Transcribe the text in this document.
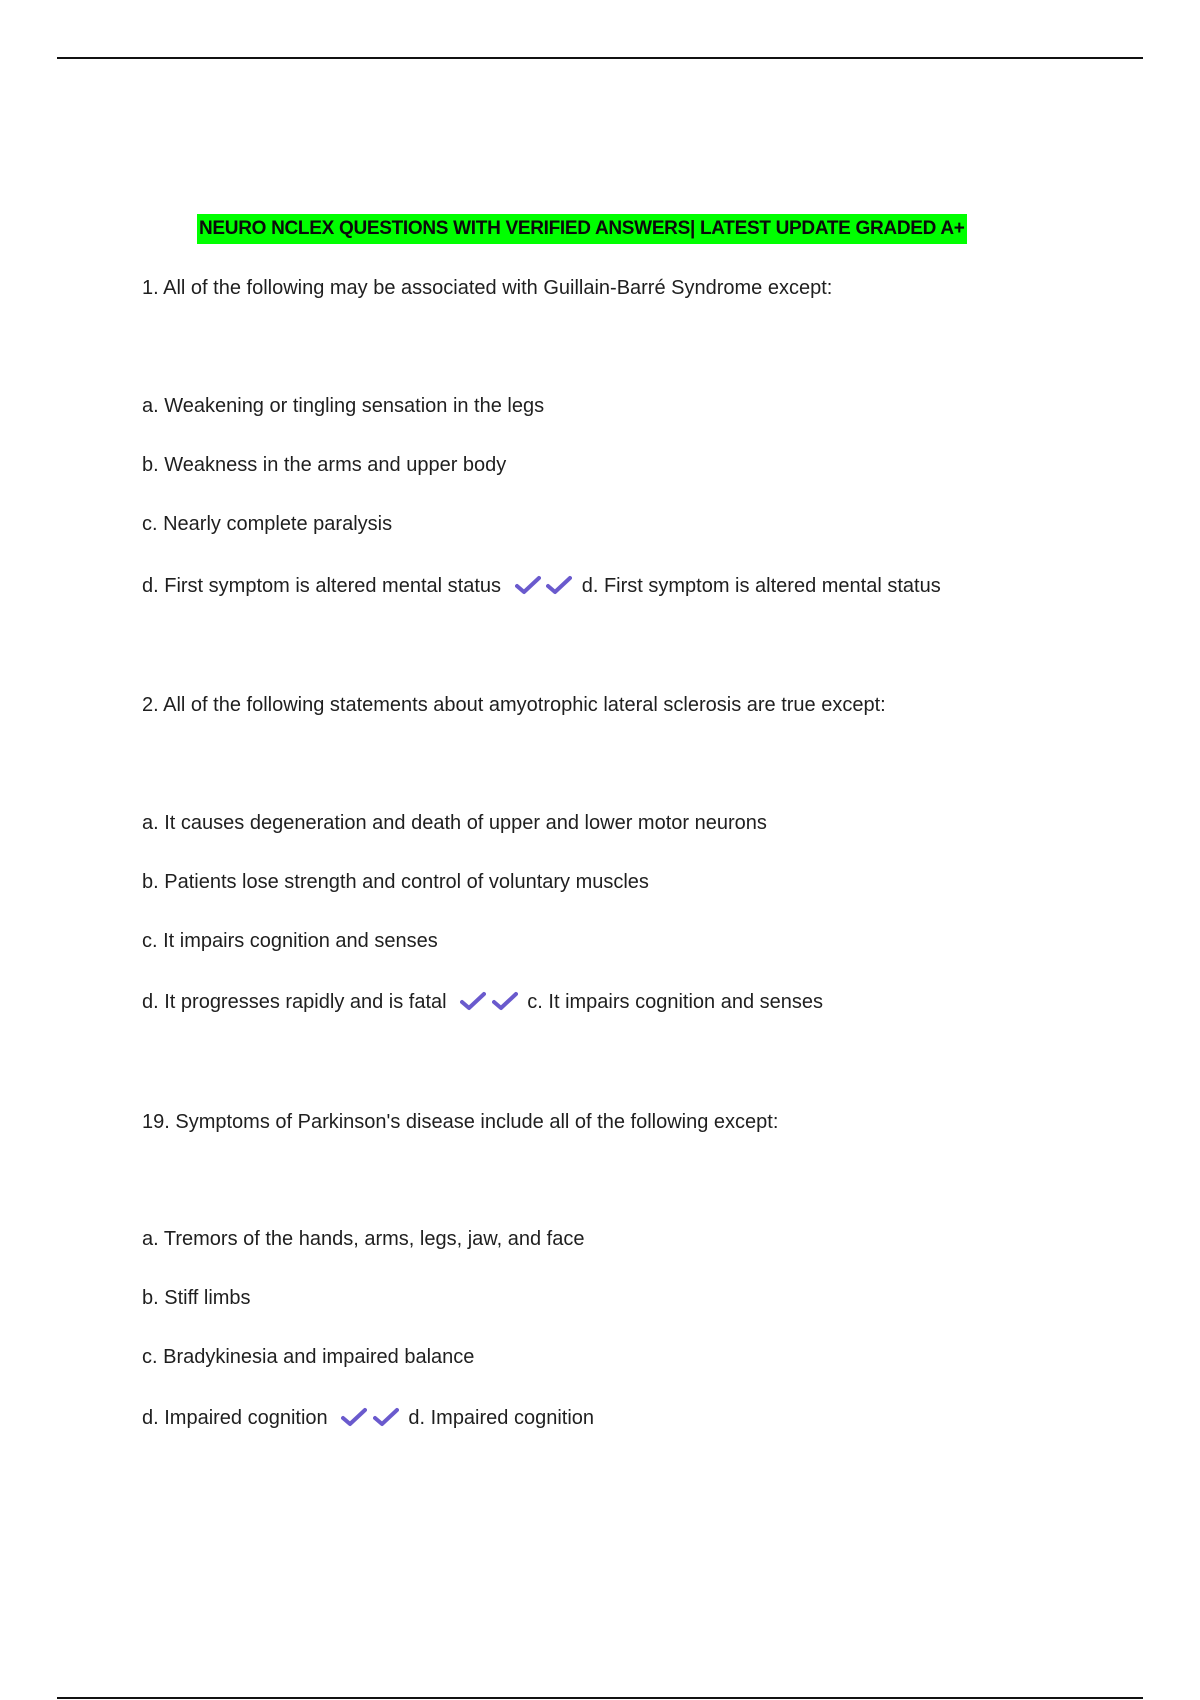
NEURO NCLEX QUESTIONS WITH VERIFIED ANSWERS| LATEST UPDATE GRADED A+
1. All of the following may be associated with Guillain-Barré Syndrome except:
a. Weakening or tingling sensation in the legs
b. Weakness in the arms and upper body
c. Nearly complete paralysis
d. First symptom is altered mental status	d. First symptom is altered mental status
2. All of the following statements about amyotrophic lateral sclerosis are true except:
a. It causes degeneration and death of upper and lower motor neurons
b. Patients lose strength and control of voluntary muscles
c. It impairs cognition and senses
d. It progresses rapidly and is fatal	c. It impairs cognition and senses
19. Symptoms of Parkinson's disease include all of the following except:
a. Tremors of the hands, arms, legs, jaw, and face
b. Stiff limbs
c. Bradykinesia and impaired balance
d. Impaired cognition	d. Impaired cognition
